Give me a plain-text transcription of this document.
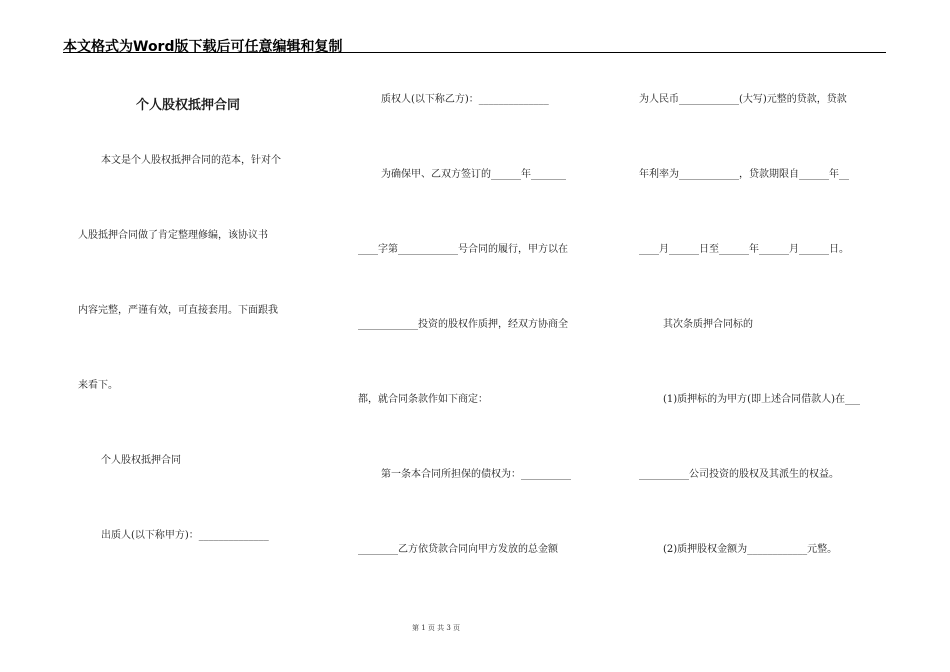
本文格式为Word版下载后可任意编辑和复制
个人股权抵押合同
本文是个人股权抵押合同的范本，针对个
人股抵押合同做了肯定整理修编，该协议书
内容完整，严谨有效，可直接套用。下面跟我
来看下。
个人股权抵押合同
出质人(以下称甲方)：______________
质权人(以下称乙方)：______________
为确保甲、乙双方签订的______年_______
____字第____________号合同的履行，甲方以在
____________投资的股权作质押，经双方协商全
都，就合同条款作如下商定：
第一条本合同所担保的债权为：__________
________乙方依贷款合同向甲方发放的总金额
为人民币____________(大写)元整的贷款，贷款
年利率为____________，贷款期限自______年__
____月______日至______年______月______日。
其次条质押合同标的
(1)质押标的为甲方(即上述合同借款人)在___
__________公司投资的股权及其派生的权益。
(2)质押股权金额为____________元整。
第 1 页 共 3 页
